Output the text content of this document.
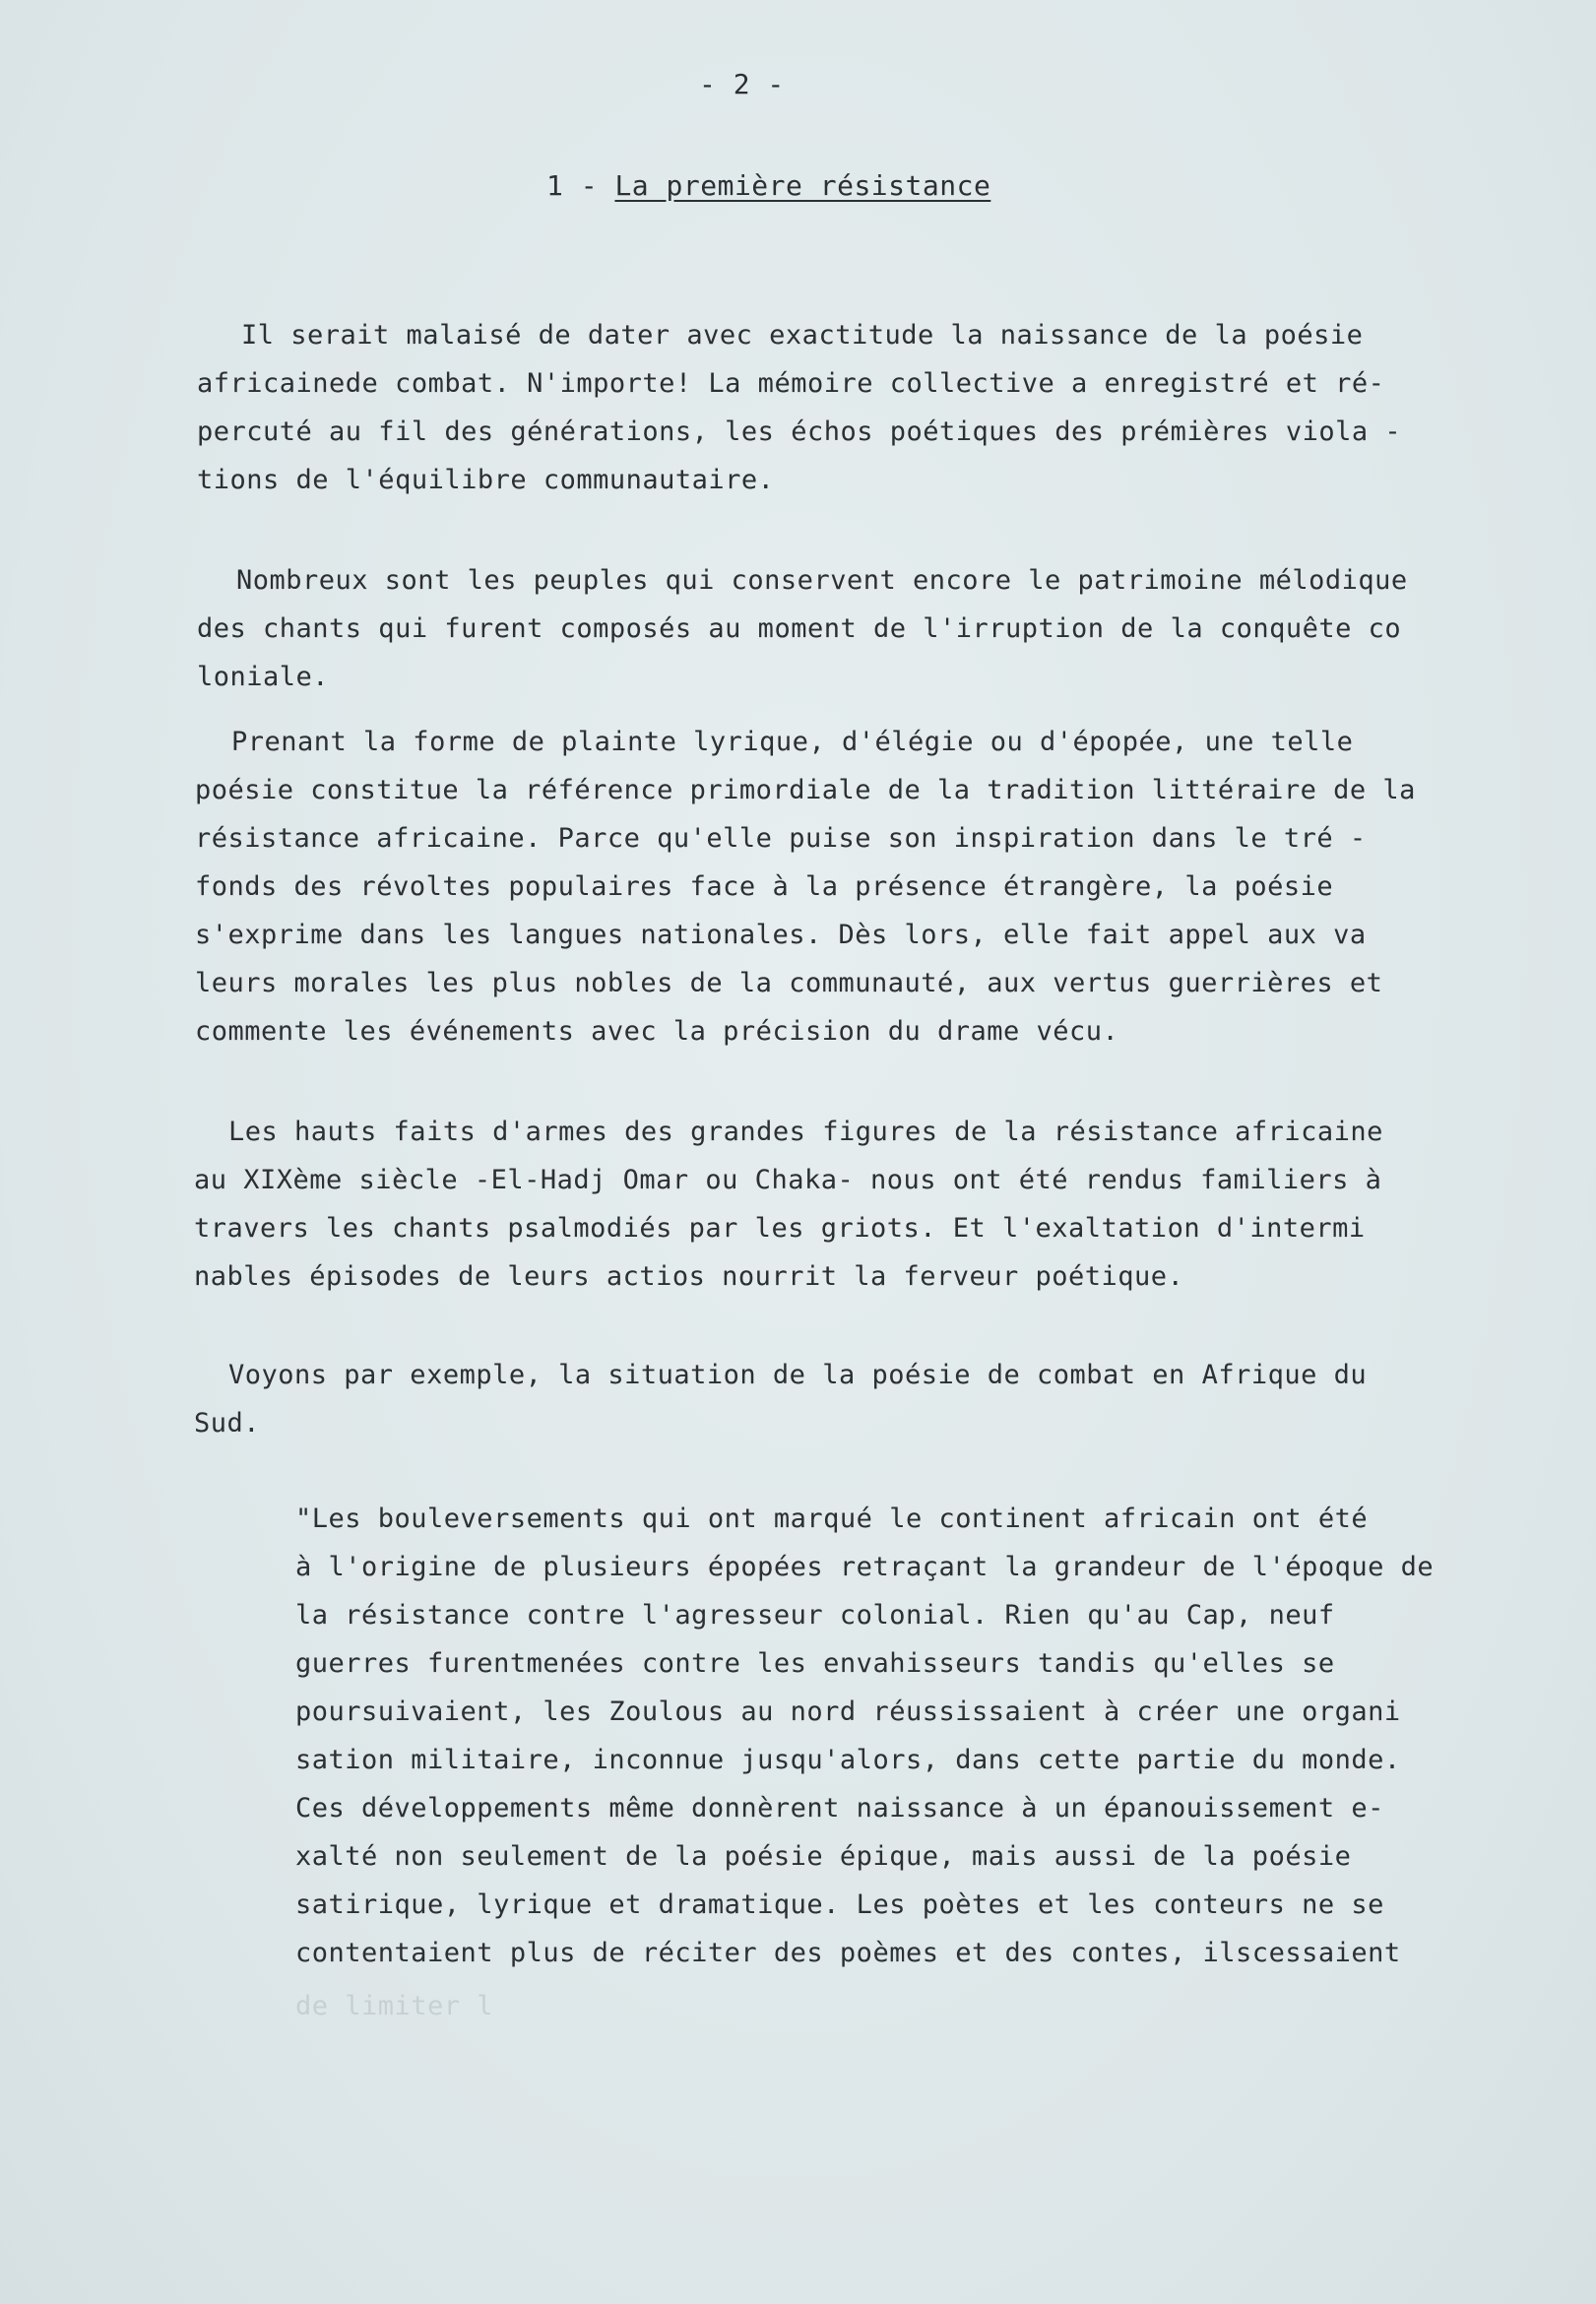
- 2 -
1 - La première résistance
Il serait malaisé de dater avec exactitude la naissance de la poésie
africainede combat. N'importe! La mémoire collective a enregistré et ré-
percuté au fil des générations, les échos poétiques des prémières viola -
tions de l'équilibre communautaire.
Nombreux sont les peuples qui conservent encore le patrimoine mélodique
des chants qui furent composés au moment de l'irruption de la conquête co
loniale.
Prenant la forme de plainte lyrique, d'élégie ou d'épopée, une telle
poésie constitue la référence primordiale de la tradition littéraire de la
résistance africaine. Parce qu'elle puise son inspiration dans le tré -
fonds des révoltes populaires face à la présence étrangère, la poésie
s'exprime dans les langues nationales. Dès lors, elle fait appel aux va
leurs morales les plus nobles de la communauté, aux vertus guerrières et
commente les événements avec la précision du drame vécu.
Les hauts faits d'armes des grandes figures de la résistance africaine
au XIXème siècle -El-Hadj Omar ou Chaka- nous ont été rendus familiers à
travers les chants psalmodiés par les griots. Et l'exaltation d'intermi
nables épisodes de leurs actios nourrit la ferveur poétique.
Voyons par exemple, la situation de la poésie de combat en Afrique du
Sud.
"Les bouleversements qui ont marqué le continent africain ont été
à l'origine de plusieurs épopées retraçant la grandeur de l'époque de
la résistance contre l'agresseur colonial. Rien qu'au Cap, neuf
guerres furentmenées contre les envahisseurs tandis qu'elles se
poursuivaient, les Zoulous au nord réussissaient à créer une organi
sation militaire, inconnue jusqu'alors, dans cette partie du monde.
Ces développements même donnèrent naissance à un épanouissement e-
xalté non seulement de la poésie épique, mais aussi de la poésie
satirique, lyrique et dramatique. Les poètes et les conteurs ne se
contentaient plus de réciter des poèmes et des contes, ilscessaient
de limiter l
